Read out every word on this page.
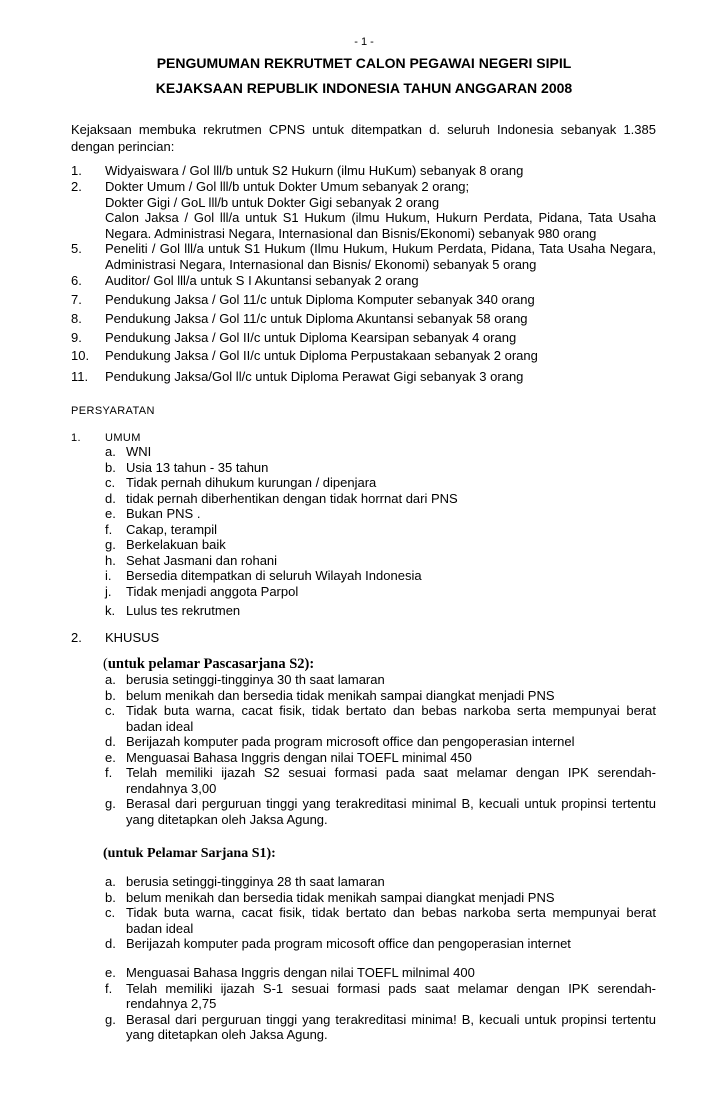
- 1 -
PENGUMUMAN REKRUTMET CALON PEGAWAI NEGERI SIPIL
KEJAKSAAN REPUBLIK INDONESIA TAHUN ANGGARAN 2008
Kejaksaan membuka rekrutmen CPNS untuk ditempatkan d. seluruh Indonesia sebanyak 1.385
dengan perincian:
1. Widyaiswara / Gol lll/b untuk S2 Hukurn (ilmu HuKum) sebanyak 8 orang
2. Dokter Umum / Gol lll/b untuk Dokter Umum sebanyak 2 orang;
Dokter Gigi / GoL lll/b untuk Dokter Gigi sebanyak 2 orang
Calon Jaksa / Gol lll/a untuk S1 Hukum (ilmu Hukum, Hukurn Perdata, Pidana, Tata Usaha
Negara. Administrasi Negara, Internasional dan Bisnis/Ekonomi) sebanyak 980 orang
5. Peneliti / Gol lll/a untuk S1 Hukum (Ilmu Hukum, Hukum Perdata, Pidana, Tata Usaha Negara,
Administrasi Negara, Internasional dan Bisnis/ Ekonomi) sebanyak 5 orang
6. Auditor/ Gol lll/a untuk S I Akuntansi sebanyak 2 orang
7. Pendukung Jaksa / Gol 11/c untuk Diploma Komputer sebanyak 340 orang
8. Pendukung Jaksa / Gol 11/c untuk Diploma Akuntansi sebanyak 58 orang
9. Pendukung Jaksa / Gol II/c untuk Diploma Kearsipan sebanyak 4 orang
10. Pendukung Jaksa / Gol II/c untuk Diploma Perpustakaan sebanyak 2 orang
11. Pendukung Jaksa/Gol ll/c untuk Diploma Perawat Gigi sebanyak 3 orang
PERSYARATAN
1. UMUM
a. WNI
b. Usia 13 tahun - 35 tahun
c. Tidak pernah dihukum kurungan / dipenjara
d. tidak pernah diberhentikan dengan tidak horrnat dari PNS
e. Bukan PNS .
f. Cakap, terampil
g. Berkelakuan baik
h. Sehat Jasmani dan rohani
i. Bersedia ditempatkan di seluruh Wilayah Indonesia
j. Tidak menjadi anggota Parpol
k. Lulus tes rekrutmen
2. KHUSUS
(untuk pelamar Pascasarjana S2):
a. berusia setinggi-tingginya 30 th saat lamaran
b. belum menikah dan bersedia tidak menikah sampai diangkat menjadi PNS
c. Tidak buta warna, cacat fisik, tidak bertato dan bebas narkoba serta mempunyai berat badan ideal
d. Berijazah komputer pada program microsoft office dan pengoperasian internel
e. Menguasai Bahasa Inggris dengan nilai TOEFL minimal 450
f. Telah memiliki ijazah S2 sesuai formasi pada saat melamar dengan IPK serendah-rendahnya 3,00
g. Berasal dari perguruan tinggi yang terakreditasi minimal B, kecuali untuk propinsi tertentu yang ditetapkan oleh Jaksa Agung.
(untuk Pelamar Sarjana S1):
a. berusia setinggi-tingginya 28 th saat lamaran
b. belum menikah dan bersedia tidak menikah sampai diangkat menjadi PNS
c. Tidak buta warna, cacat fisik, tidak bertato dan bebas narkoba serta mempunyai berat badan ideal
d. Berijazah komputer pada program micosoft office dan pengoperasian internet
e. Menguasai Bahasa Inggris dengan nilai TOEFL milnimal 400
f. Telah memiliki ijazah S-1 sesuai formasi pads saat melamar dengan IPK serendah-rendahnya 2,75
g. Berasal dari perguruan tinggi yang terakreditasi minima! B, kecuali untuk propinsi tertentu yang ditetapkan oleh Jaksa Agung.
